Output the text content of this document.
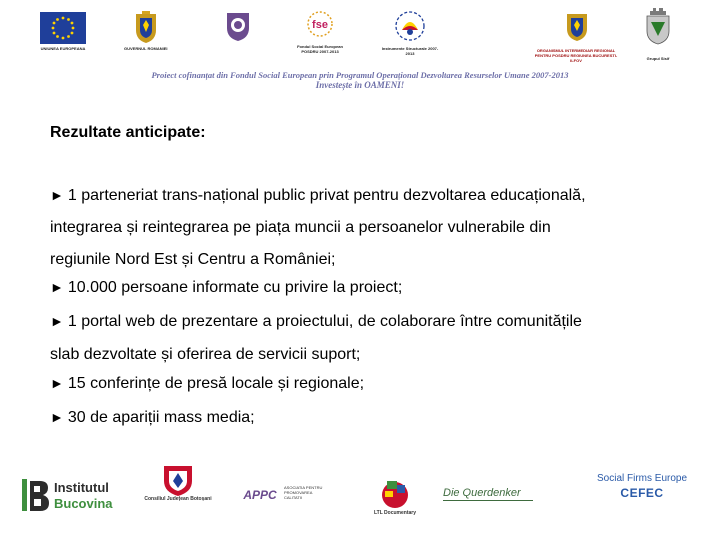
UNIUNEA EUROPEANA	GUVERNUL ROMANIEI
fse
Fondul Social European POSDRU 2007-2013
Instrumente Structurale 2007-2013
ORGANISMUL INTERMEDIAR REGIONAL PENTRU POSDRU REGIUNEA BUCURESTI-ILFOV	Grupul Sisif
Proiect cofinanțat din Fondul Social European prin Programul Operațional Dezvoltarea Resurselor Umane 2007-2013
Investește în OAMENI!
Rezultate anticipate:
► 1 parteneriat trans-național public privat pentru dezvoltarea educațională,
integrarea și reintegrarea pe piața muncii a persoanelor vulnerabile din
regiunile Nord Est și Centru a României;
► 10.000 persoane informate cu privire la proiect;
► 1 portal web de prezentare a proiectului, de colaborare între comunitățile
slab dezvoltate și oferirea de servicii suport;
► 15 conferințe de presă locale și regionale;
► 30 de apariții mass media;
Institutul
Bucovina	Consiliul Județean Botoșani	APPC
ASOCIATIA PENTRU PROMOVAREA CALITATII
LTL Documentary
Die Querdenker
Social Firms Europe
CEFEC
